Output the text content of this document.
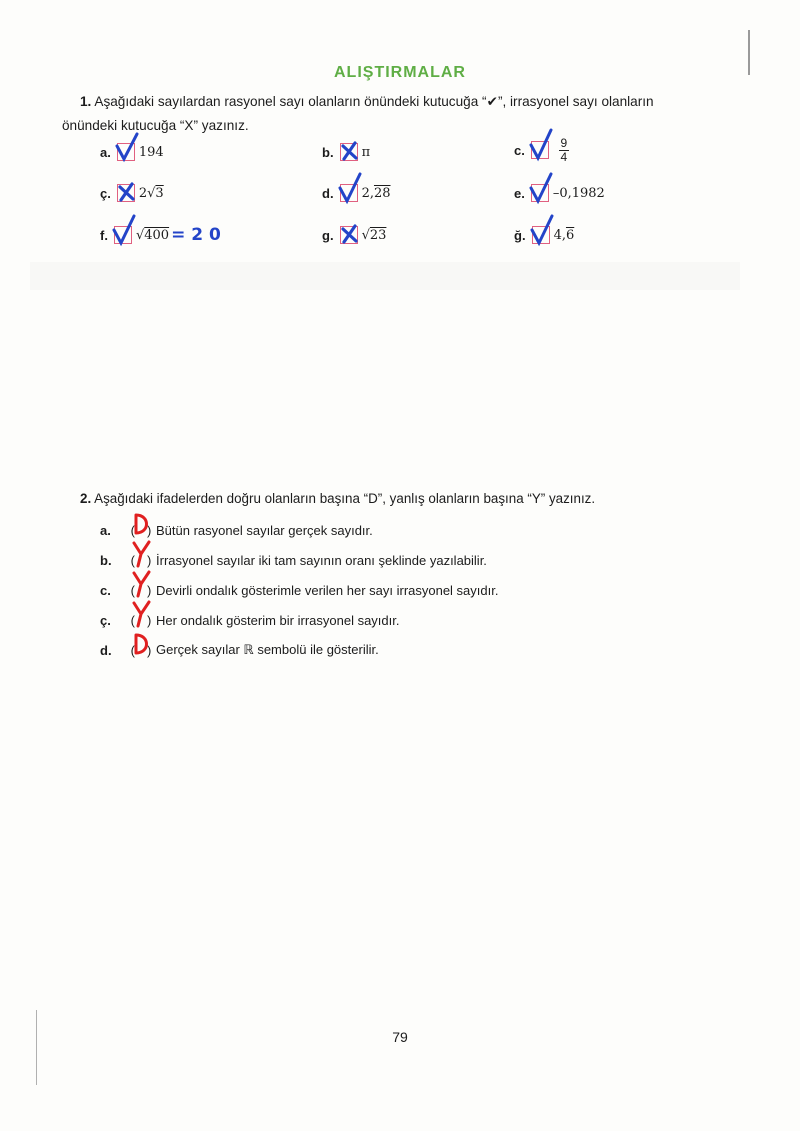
ALIŞTIRMALAR
1. Aşağıdaki sayılardan rasyonel sayı olanların önündeki kutucuğa “✔”, irrasyonel sayı olanların
önündeki kutucuğa “X” yazınız.
a. 194	b. π	c.	$\frac{9}{4}$
ç. 2√3	d. 2,28	e. –0,1982
f. √400 = 2 0	g. √23	ğ. 4,6
2. Aşağıdaki ifadelerden doğru olanların başına “D”, yanlış olanların başına “Y” yazınız.
a.	( ) Bütün rasyonel sayılar gerçek sayıdır.
b.	( ) İrrasyonel sayılar iki tam sayının oranı şeklinde yazılabilir.
c.	( ) Devirli ondalık gösterimle verilen her sayı irrasyonel sayıdır.
ç.	( ) Her ondalık gösterim bir irrasyonel sayıdır.
d.	( ) Gerçek sayılar ℝ sembolü ile gösterilir.
79
